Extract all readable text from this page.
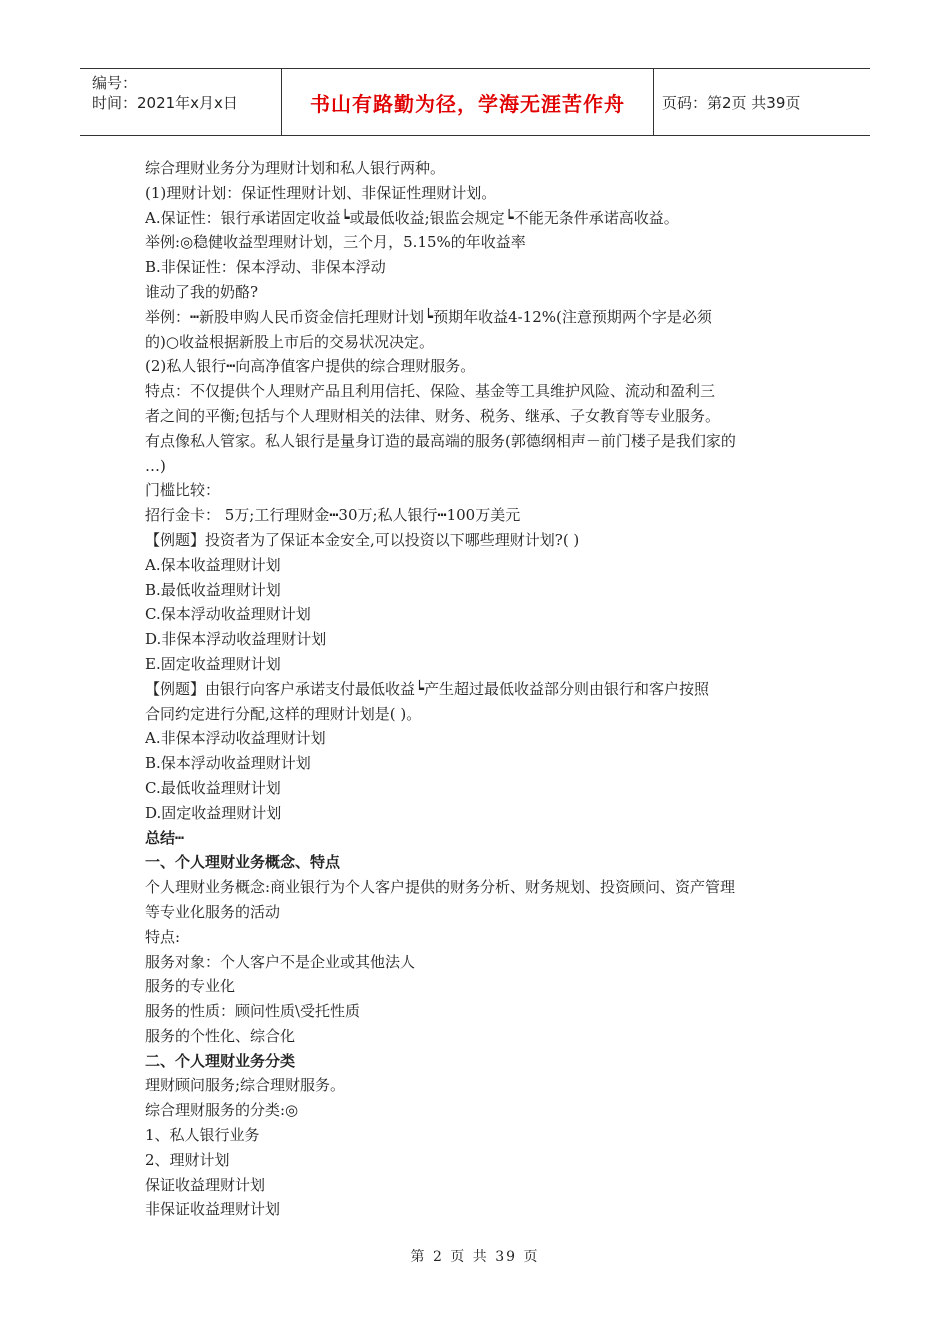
编号：
时间：2021年x月x日	书山有路勤为径，学海无涯苦作舟	页码：第2页 共39页
综合理财业务分为理财计划和私人银行两种。
(1)理财计划：保证性理财计划、非保证性理财计划。
A.保证性：银行承诺固定收益┕或最低收益;银监会规定┕不能无条件承诺高收益。
举例:◎稳健收益型理财计划，三个月，5.15%的年收益率
B.非保证性：保本浮动、非保本浮动
谁动了我的奶酪?
举例：┅新股申购人民币资金信托理财计划┕预期年收益4-12%(注意预期两个字是必须
的)○收益根据新股上市后的交易状况决定。
(2)私人银行┅向高净值客户提供的综合理财服务。
特点：不仅提供个人理财产品且利用信托、保险、基金等工具维护风险、流动和盈利三
者之间的平衡;包括与个人理财相关的法律、财务、税务、继承、子女教育等专业服务。
有点像私人管家。私人银行是量身订造的最高端的服务(郭德纲相声－前门楼子是我们家的
…)
门槛比较：
招行金卡： 5万;工行理财金┅30万;私人银行┅100万美元
【例题】投资者为了保证本金安全,可以投资以下哪些理财计划?( )
A.保本收益理财计划
B.最低收益理财计划
C.保本浮动收益理财计划
D.非保本浮动收益理财计划
E.固定收益理财计划
【例题】由银行向客户承诺支付最低收益┕产生超过最低收益部分则由银行和客户按照
合同约定进行分配,这样的理财计划是( )。
A.非保本浮动收益理财计划
B.保本浮动收益理财计划
C.最低收益理财计划
D.固定收益理财计划
总结┅
一、个人理财业务概念、特点
个人理财业务概念:商业银行为个人客户提供的财务分析、财务规划、投资顾问、资产管理
等专业化服务的活动
特点:
服务对象：个人客户不是企业或其他法人
服务的专业化
服务的性质：顾问性质\受托性质
服务的个性化、综合化
二、个人理财业务分类
理财顾问服务;综合理财服务。
综合理财服务的分类:◎
1、私人银行业务
2、理财计划
保证收益理财计划
非保证收益理财计划
第 2 页 共 39 页
